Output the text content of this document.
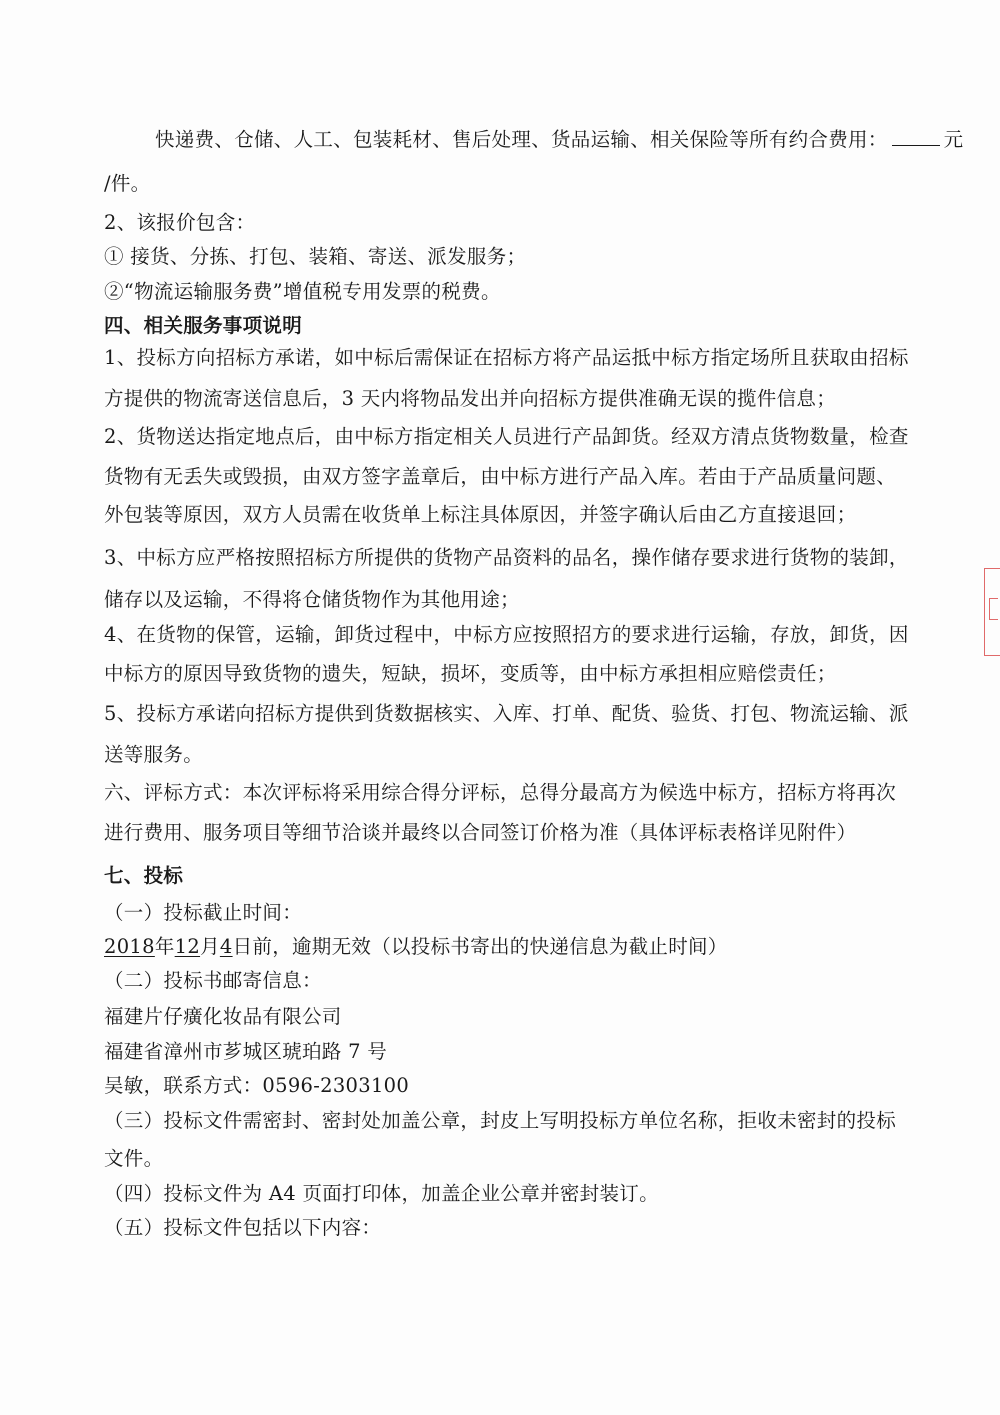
快递费、仓储、人工、包装耗材、售后处理、货品运输、相关保险等所有约合费用：	元
/件。
2、该报价包含：
① 接货、分拣、打包、装箱、寄送、派发服务；
②“物流运输服务费”增值税专用发票的税费。
四、相关服务事项说明
1、投标方向招标方承诺，如中标后需保证在招标方将产品运抵中标方指定场所且获取由招标
方提供的物流寄送信息后，3 天内将物品发出并向招标方提供准确无误的揽件信息；
2、货物送达指定地点后，由中标方指定相关人员进行产品卸货。经双方清点货物数量，检查
货物有无丢失或毁损，由双方签字盖章后，由中标方进行产品入库。若由于产品质量问题、
外包装等原因，双方人员需在收货单上标注具体原因，并签字确认后由乙方直接退回；
3、中标方应严格按照招标方所提供的货物产品资料的品名，操作储存要求进行货物的装卸，
储存以及运输，不得将仓储货物作为其他用途；
4、在货物的保管，运输，卸货过程中，中标方应按照招方的要求进行运输，存放，卸货，因
中标方的原因导致货物的遗失，短缺，损坏，变质等，由中标方承担相应赔偿责任；
5、投标方承诺向招标方提供到货数据核实、入库、打单、配货、验货、打包、物流运输、派
送等服务。
六、评标方式：本次评标将采用综合得分评标，总得分最高方为候选中标方，招标方将再次
进行费用、服务项目等细节洽谈并最终以合同签订价格为准（具体评标表格详见附件）
七、投标
（一）投标截止时间：
2018年12月4日前，逾期无效（以投标书寄出的快递信息为截止时间）
（二）投标书邮寄信息：
福建片仔癀化妆品有限公司
福建省漳州市芗城区琥珀路 7 号
吴敏，联系方式：0596-2303100
（三）投标文件需密封、密封处加盖公章，封皮上写明投标方单位名称，拒收未密封的投标
文件。
（四）投标文件为 A4 页面打印体，加盖企业公章并密封装订。
（五）投标文件包括以下内容：
